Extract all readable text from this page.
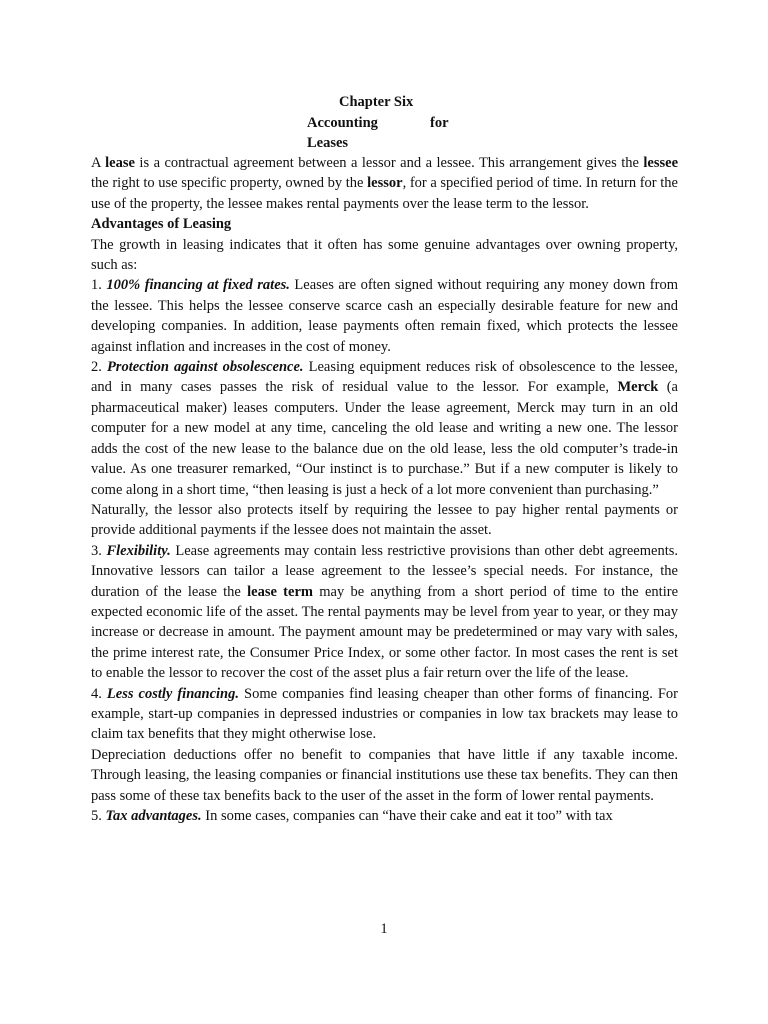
Chapter Six
Accounting	for
Leases

A lease is a contractual agreement between a lessor and a lessee. This arrangement gives the lessee the right to use specific property, owned by the lessor, for a specified period of time. In return for the use of the property, the lessee makes rental payments over the lease term to the lessor.

Advantages of Leasing

The growth in leasing indicates that it often has some genuine advantages over owning property, such as:

1. 100% financing at fixed rates. Leases are often signed without requiring any money down from the lessee. This helps the lessee conserve scarce cash an especially desirable feature for new and developing companies. In addition, lease payments often remain fixed, which protects the lessee against inflation and increases in the cost of money.

2. Protection against obsolescence. Leasing equipment reduces risk of obsolescence to the lessee, and in many cases passes the risk of residual value to the lessor. For example, Merck (a pharmaceutical maker) leases computers. Under the lease agreement, Merck may turn in an old computer for a new model at any time, canceling the old lease and writing a new one. The lessor adds the cost of the new lease to the balance due on the old lease, less the old computer’s trade-in value. As one treasurer remarked, “Our instinct is to purchase.” But if a new computer is likely to come along in a short time, “then leasing is just a heck of a lot more convenient than purchasing.”

Naturally, the lessor also protects itself by requiring the lessee to pay higher rental payments or provide additional payments if the lessee does not maintain the asset.

3. Flexibility. Lease agreements may contain less restrictive provisions than other debt agreements. Innovative lessors can tailor a lease agreement to the lessee’s special needs. For instance, the duration of the lease the lease term may be anything from a short period of time to the entire expected economic life of the asset. The rental payments may be level from year to year, or they may increase or decrease in amount. The payment amount may be predetermined or may vary with sales, the prime interest rate, the Consumer Price Index, or some other factor. In most cases the rent is set to enable the lessor to recover the cost of the asset plus a fair return over the life of the lease.

4. Less costly financing. Some companies find leasing cheaper than other forms of financing. For example, start-up companies in depressed industries or companies in low tax brackets may lease to claim tax benefits that they might otherwise lose.

Depreciation deductions offer no benefit to companies that have little if any taxable income. Through leasing, the leasing companies or financial institutions use these tax benefits. They can then pass some of these tax benefits back to the user of the asset in the form of lower rental payments.

5. Tax advantages. In some cases, companies can “have their cake and eat it too” with tax

1
